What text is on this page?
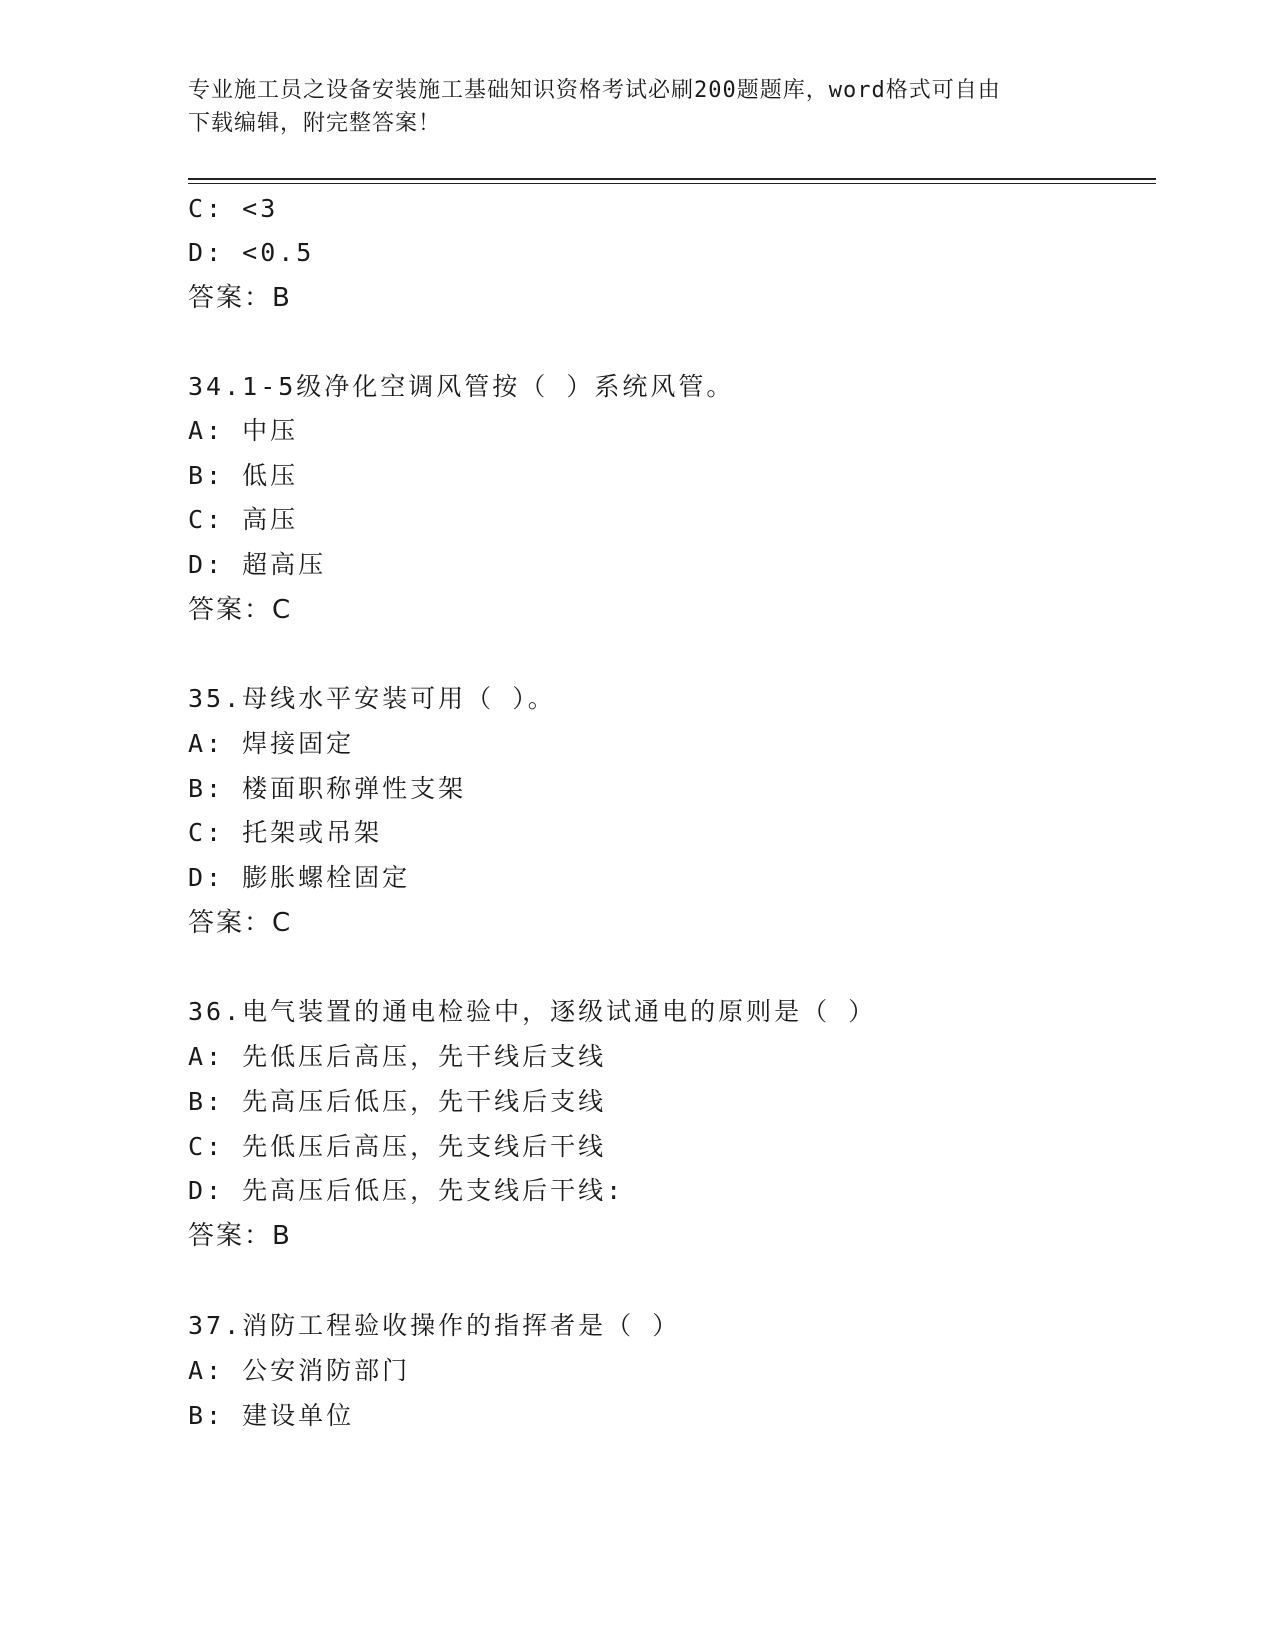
专业施工员之设备安装施工基础知识资格考试必刷200题题库，word格式可自由
下载编辑，附完整答案！
C: <3
D: <0.5
答案：B
34.1-5级净化空调风管按（ ）系统风管。
A: 中压
B: 低压
C: 高压
D: 超高压
答案：C
35.母线水平安装可用（ ）。
A: 焊接固定
B: 楼面职称弹性支架
C: 托架或吊架
D: 膨胀螺栓固定
答案：C
36.电气装置的通电检验中，逐级试通电的原则是（ ）
A: 先低压后高压，先干线后支线
B: 先高压后低压，先干线后支线
C: 先低压后高压，先支线后干线
D: 先高压后低压，先支线后干线:
答案：B
37.消防工程验收操作的指挥者是（ ）
A: 公安消防部门
B: 建设单位
